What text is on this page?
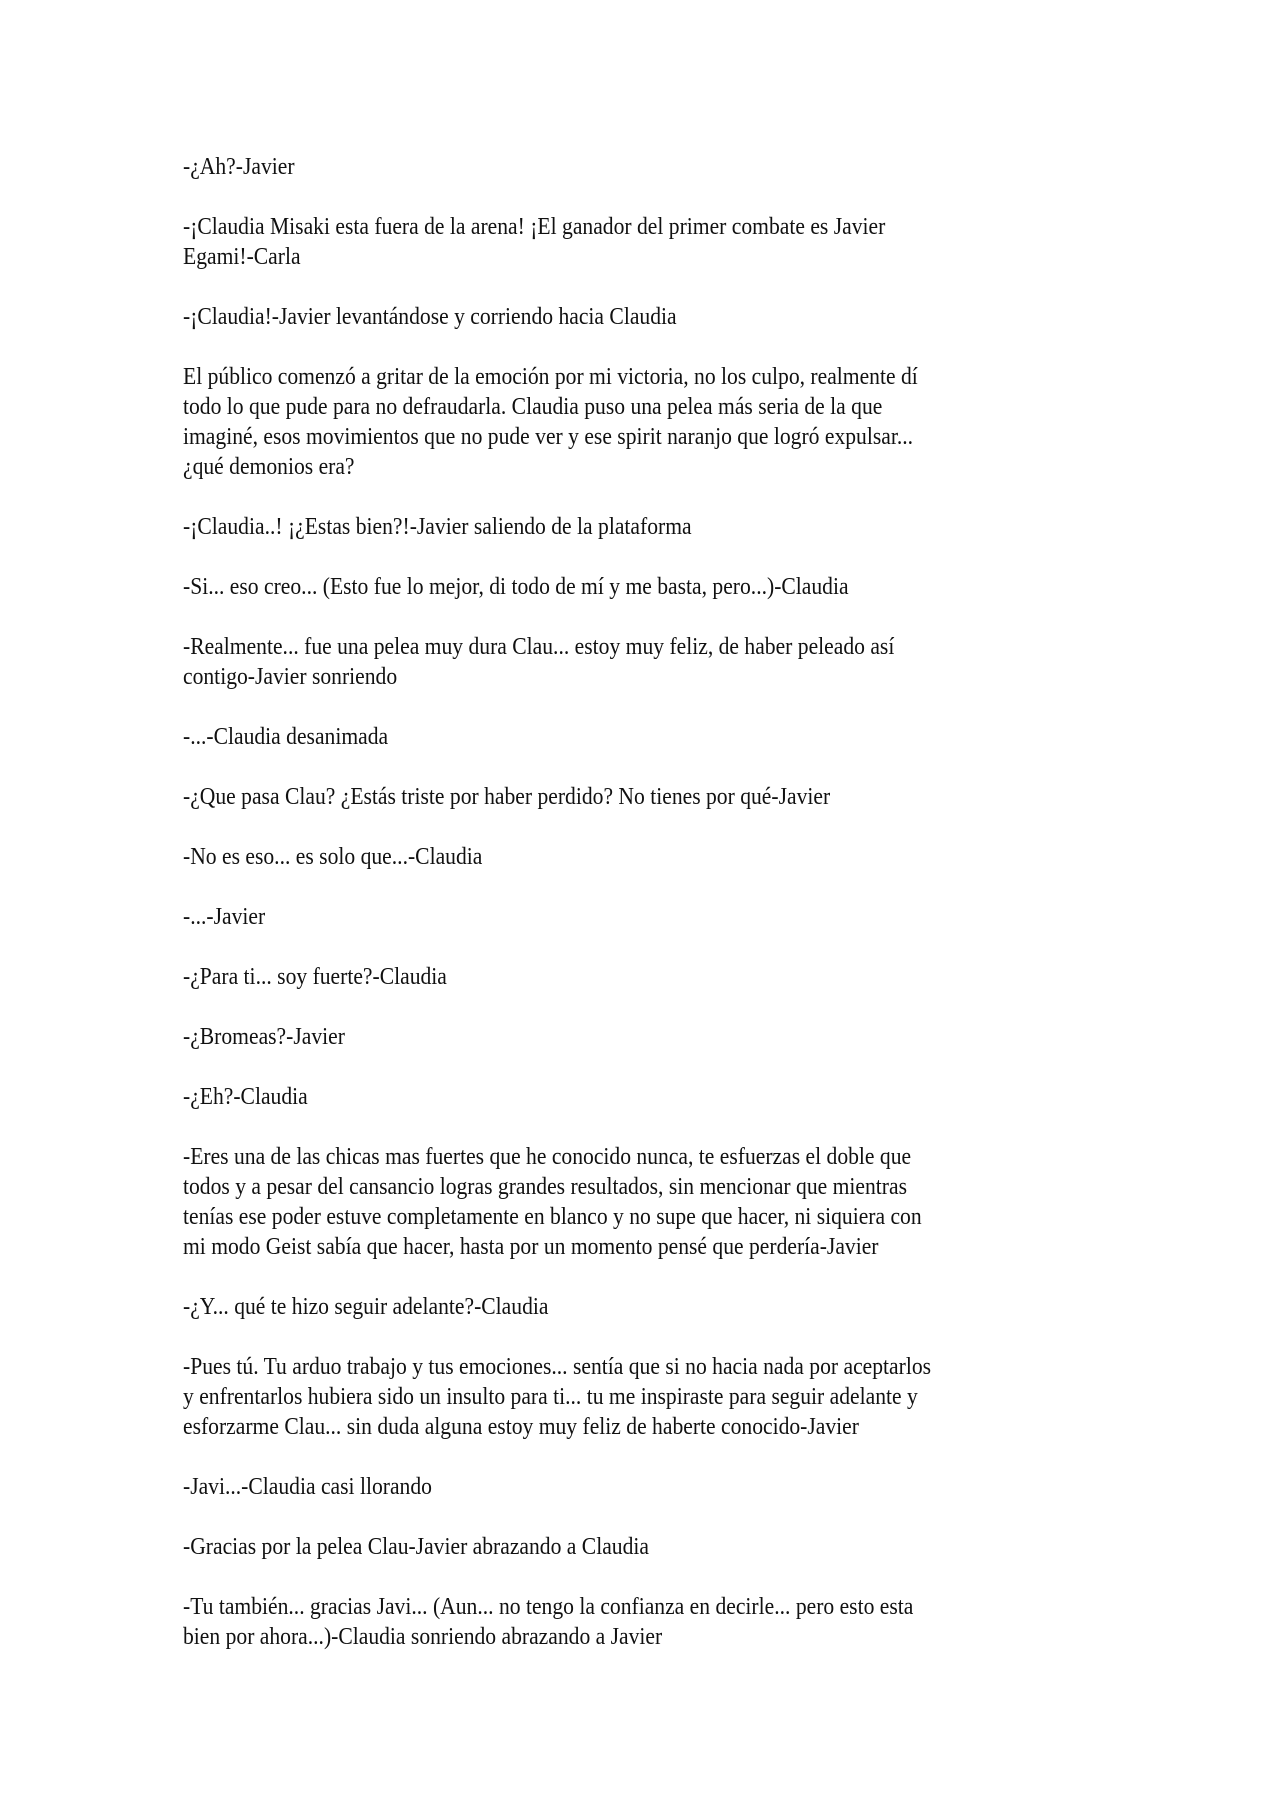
-¿Ah?-Javier
-¡Claudia Misaki esta fuera de la arena! ¡El ganador del primer combate es Javier
Egami!-Carla
-¡Claudia!-Javier levantándose y corriendo hacia Claudia
El público comenzó a gritar de la emoción por mi victoria, no los culpo, realmente dí
todo lo que pude para no defraudarla. Claudia puso una pelea más seria de la que
imaginé, esos movimientos que no pude ver y ese spirit naranjo que logró expulsar...
¿qué demonios era?
-¡Claudia..! ¡¿Estas bien?!-Javier saliendo de la plataforma
-Si... eso creo... (Esto fue lo mejor, di todo de mí y me basta, pero...)-Claudia
-Realmente... fue una pelea muy dura Clau... estoy muy feliz, de haber peleado así
contigo-Javier sonriendo
-...-Claudia desanimada
-¿Que pasa Clau? ¿Estás triste por haber perdido? No tienes por qué-Javier
-No es eso... es solo que...-Claudia
-...-Javier
-¿Para ti... soy fuerte?-Claudia
-¿Bromeas?-Javier
-¿Eh?-Claudia
-Eres una de las chicas mas fuertes que he conocido nunca, te esfuerzas el doble que
todos y a pesar del cansancio logras grandes resultados, sin mencionar que mientras
tenías ese poder estuve completamente en blanco y no supe que hacer, ni siquiera con
mi modo Geist sabía que hacer, hasta por un momento pensé que perdería-Javier
-¿Y... qué te hizo seguir adelante?-Claudia
-Pues tú. Tu arduo trabajo y tus emociones... sentía que si no hacia nada por aceptarlos
y enfrentarlos hubiera sido un insulto para ti... tu me inspiraste para seguir adelante y
esforzarme Clau... sin duda alguna estoy muy feliz de haberte conocido-Javier
-Javi...-Claudia casi llorando
-Gracias por la pelea Clau-Javier abrazando a Claudia
-Tu también... gracias Javi... (Aun... no tengo la confianza en decirle... pero esto esta
bien por ahora...)-Claudia sonriendo abrazando a Javier
